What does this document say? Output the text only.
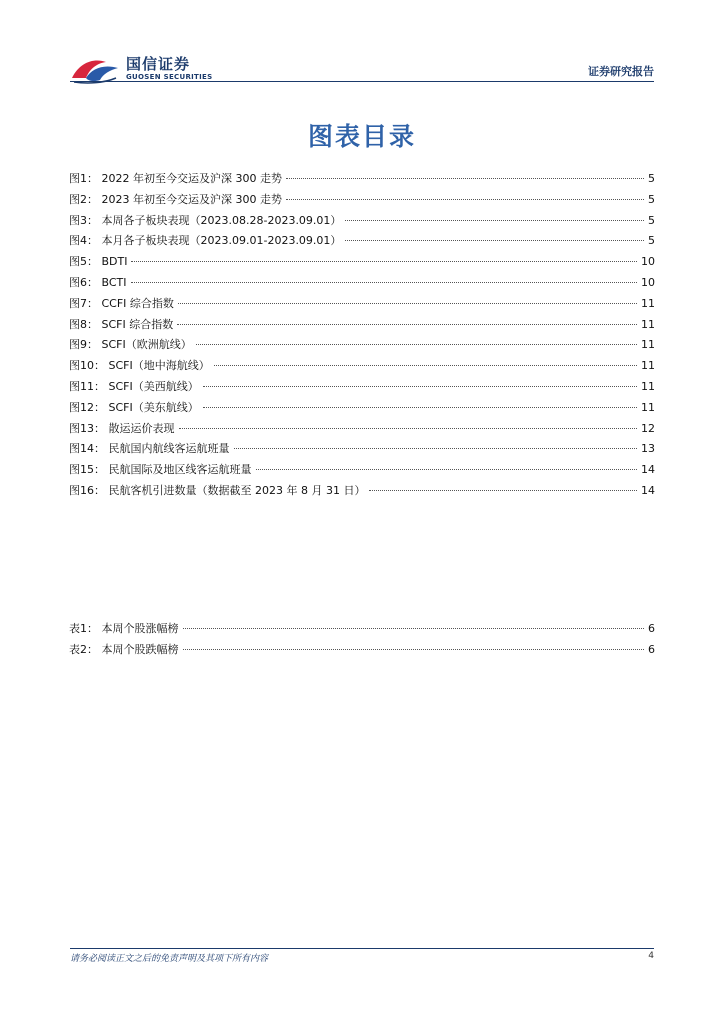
国信证券
GUOSEN SECURITIES	证券研究报告
图表目录
图1： 2022 年初至今交运及沪深 300 走势	5
图2： 2023 年初至今交运及沪深 300 走势	5
图3： 本周各子板块表现（2023.08.28-2023.09.01）	5
图4： 本月各子板块表现（2023.09.01-2023.09.01）	5
图5： BDTI	10
图6： BCTI	10
图7： CCFI 综合指数	11
图8： SCFI 综合指数	11
图9： SCFI（欧洲航线）	11
图10： SCFI（地中海航线）	11
图11： SCFI（美西航线）	11
图12： SCFI（美东航线）	11
图13： 散运运价表现	12
图14： 民航国内航线客运航班量	13
图15： 民航国际及地区线客运航班量	14
图16： 民航客机引进数量（数据截至 2023 年 8 月 31 日）	14
表1： 本周个股涨幅榜	6
表2： 本周个股跌幅榜	6
请务必阅读正文之后的免责声明及其项下所有内容	4
